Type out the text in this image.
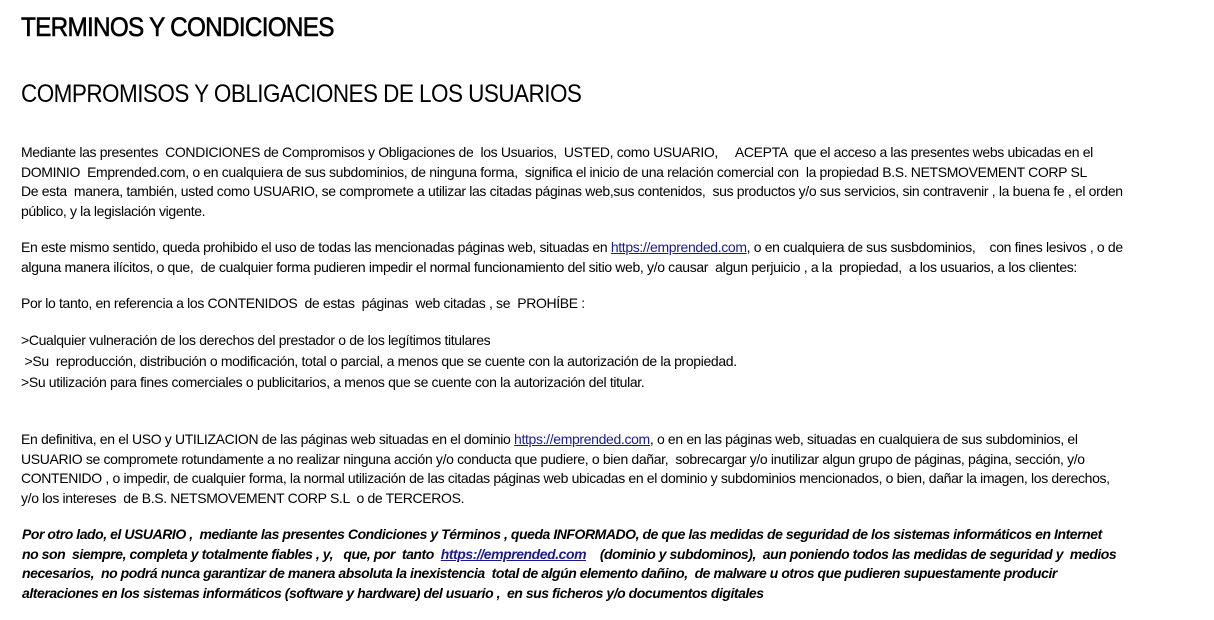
TERMINOS Y CONDICIONES
COMPROMISOS Y OBLIGACIONES DE LOS USUARIOS
Mediante las presentes  CONDICIONES de Compromisos y Obligaciones de  los Usuarios,  USTED, como USUARIO,     ACEPTA  que el acceso a las presentes webs ubicadas en el
DOMINIO  Emprended.com, o en cualquiera de sus subdominios, de ninguna forma,  significa el inicio de una relación comercial con  la propiedad B.S. NETSMOVEMENT CORP SL
De esta  manera, también, usted como USUARIO, se compromete a utilizar las citadas páginas web,sus contenidos,  sus productos y/o sus servicios, sin contravenir , la buena fe , el orden
público, y la legislación vigente.
En este mismo sentido, queda prohibido el uso de todas las mencionadas páginas web, situadas en https://emprended.com, o en cualquiera de sus susbdominios,    con fines lesivos , o de
alguna manera ilícitos, o que,  de cualquier forma pudieren impedir el normal funcionamiento del sitio web, y/o causar  algun perjuicio , a la  propiedad,  a los usuarios, a los clientes:
Por lo tanto, en referencia a los CONTENIDOS  de estas  páginas  web citadas , se  PROHÍBE :
>Cualquier vulneración de los derechos del prestador o de los legítimos titulares
>Su  reproducción, distribución o modificación, total o parcial, a menos que se cuente con la autorización de la propiedad.
>Su utilización para fines comerciales o publicitarios, a menos que se cuente con la autorización del titular.
En definitiva, en el USO y UTILIZACION de las páginas web situadas en el dominio https://emprended.com, o en en las páginas web, situadas en cualquiera de sus subdominios, el
USUARIO se compromete rotundamente a no realizar ninguna acción y/o conducta que pudiere, o bien dañar,  sobrecargar y/o inutilizar algun grupo de páginas, página, sección, y/o
CONTENIDO , o impedir, de cualquier forma, la normal utilización de las citadas páginas web ubicadas en el dominio y subdominios mencionados, o bien, dañar la imagen, los derechos,
y/o los intereses  de B.S. NETSMOVEMENT CORP S.L  o de TERCEROS.
Por otro lado, el USUARIO ,  mediante las presentes Condiciones y Términos , queda INFORMADO, de que las medidas de seguridad de los sistemas informáticos en Internet
no son  siempre, completa y totalmente fiables , y,   que, por  tanto  https://emprended.com    (dominio y subdominos),  aun poniendo todos las medidas de seguridad y  medios
necesarios,  no podrá nunca garantizar de manera absoluta la inexistencia  total de algún elemento dañino,  de malware u otros que pudieren supuestamente producir
alteraciones en los sistemas informáticos (software y hardware) del usuario ,  en sus ficheros y/o documentos digitales
